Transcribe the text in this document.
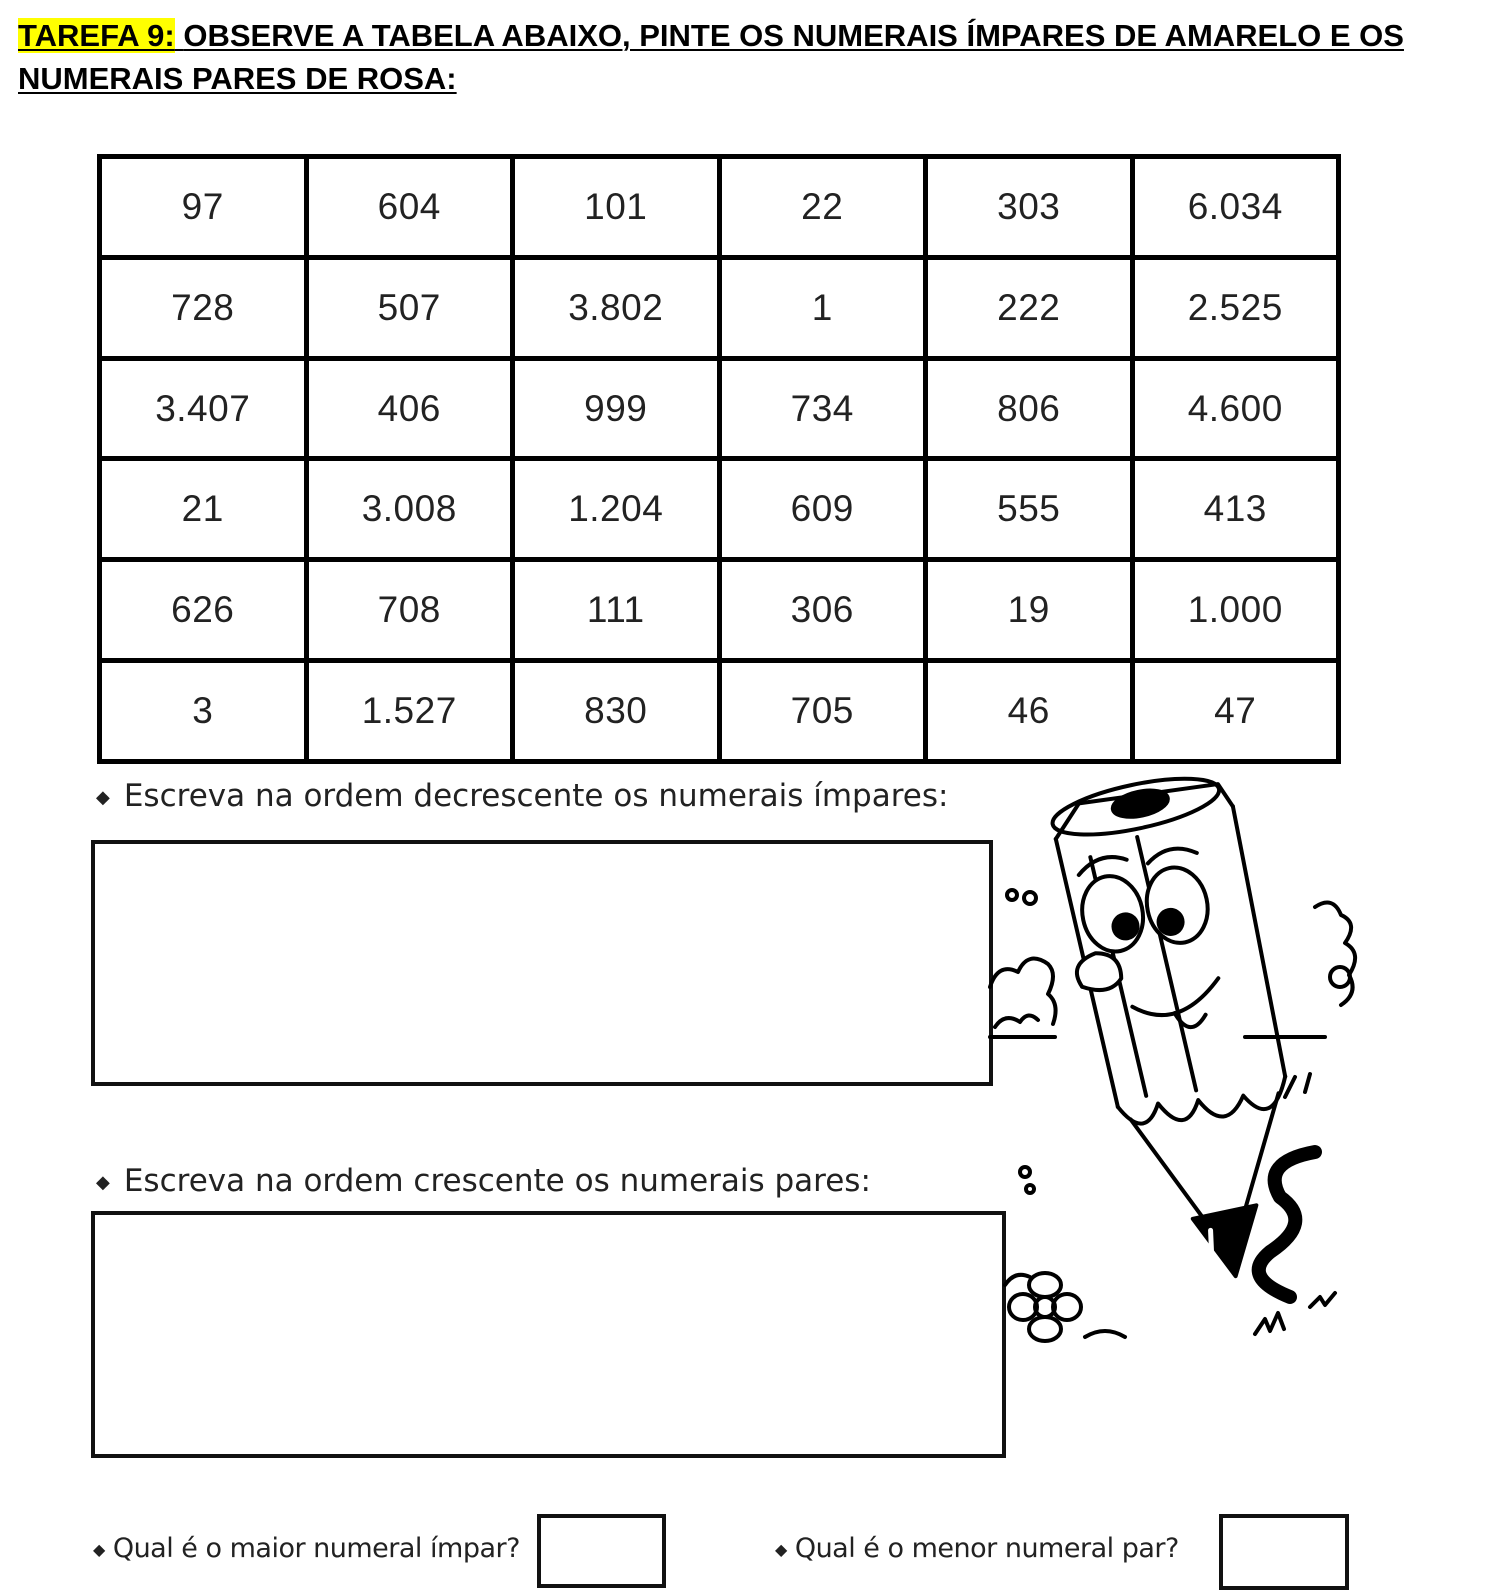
TAREFA 9: OBSERVE A TABELA ABAIXO, PINTE OS NUMERAIS ÍMPARES DE AMARELO E OS NUMERAIS PARES DE ROSA:
97	604	101	22	303	6.034
728	507	3.802	1	222	2.525
3.407	406	999	734	806	4.600
21	3.008	1.204	609	555	413
626	708	111	306	19	1.000
3	1.527	830	705	46	47
◆ Escreva na ordem decrescente os numerais ímpares:
◆ Escreva na ordem crescente os numerais pares:
◆ Qual é o maior numeral ímpar?	◆ Qual é o menor numeral par?
